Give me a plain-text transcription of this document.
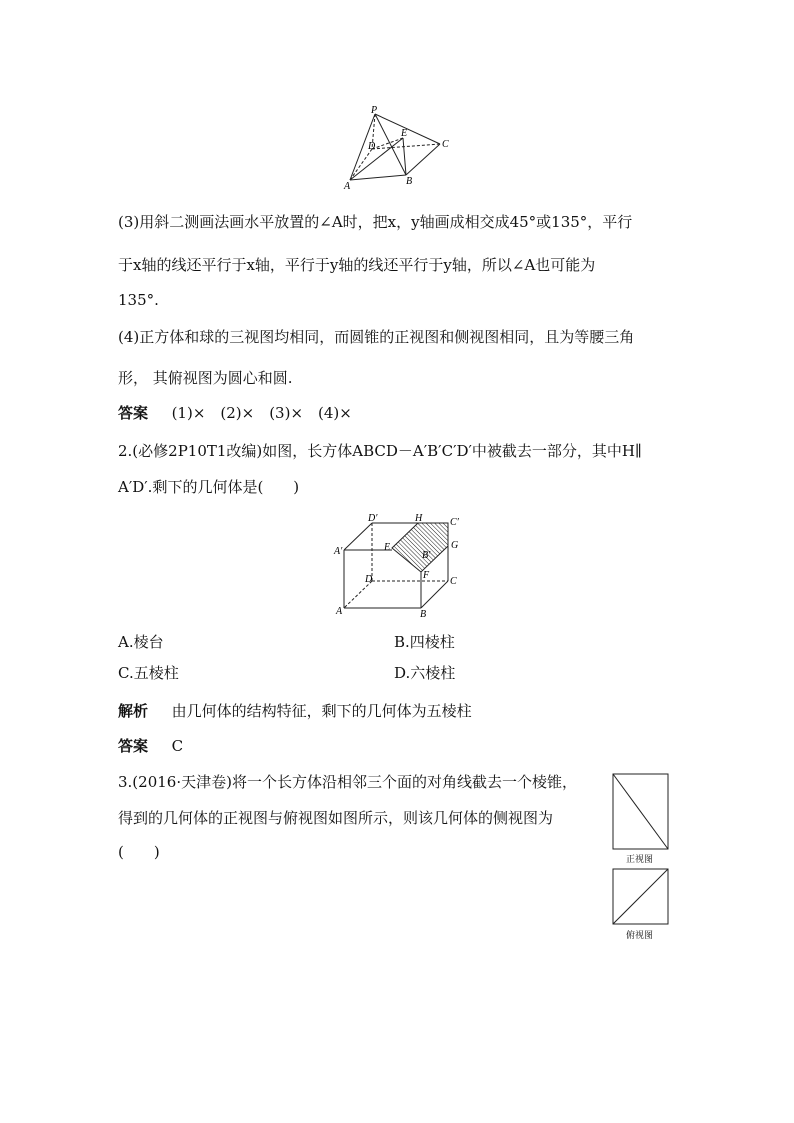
P
E
D	C
A	B
(3)用斜二测画法画水平放置的∠A时，把x，y轴画成相交成45°或135°，平行
于x轴的线还平行于x轴，平行于y轴的线还平行于y轴，所以∠A也可能为
135°.
(4)正方体和球的三视图均相同，而圆锥的正视图和侧视图相同，且为等腰三角
形， 其俯视图为圆心和圆.
答案 (1)×　(2)×　(3)×　(4)×
2.(必修2P10T1改编)如图，长方体ABCD－A′B′C′D′中被截去一部分，其中H∥
A′D′.剩下的几何体是(　　)
D′	H	C′
A′	E	G
B′
D	F
C
A	B
A.棱台	B.四棱柱
C.五棱柱	D.六棱柱
解析 由几何体的结构特征，剩下的几何体为五棱柱
答案 C
3.(2016·天津卷)将一个长方体沿相邻三个面的对角线截去一个棱锥，
得到的几何体的正视图与俯视图如图所示，则该几何体的侧视图为
(　　)	正视图
俯视图
